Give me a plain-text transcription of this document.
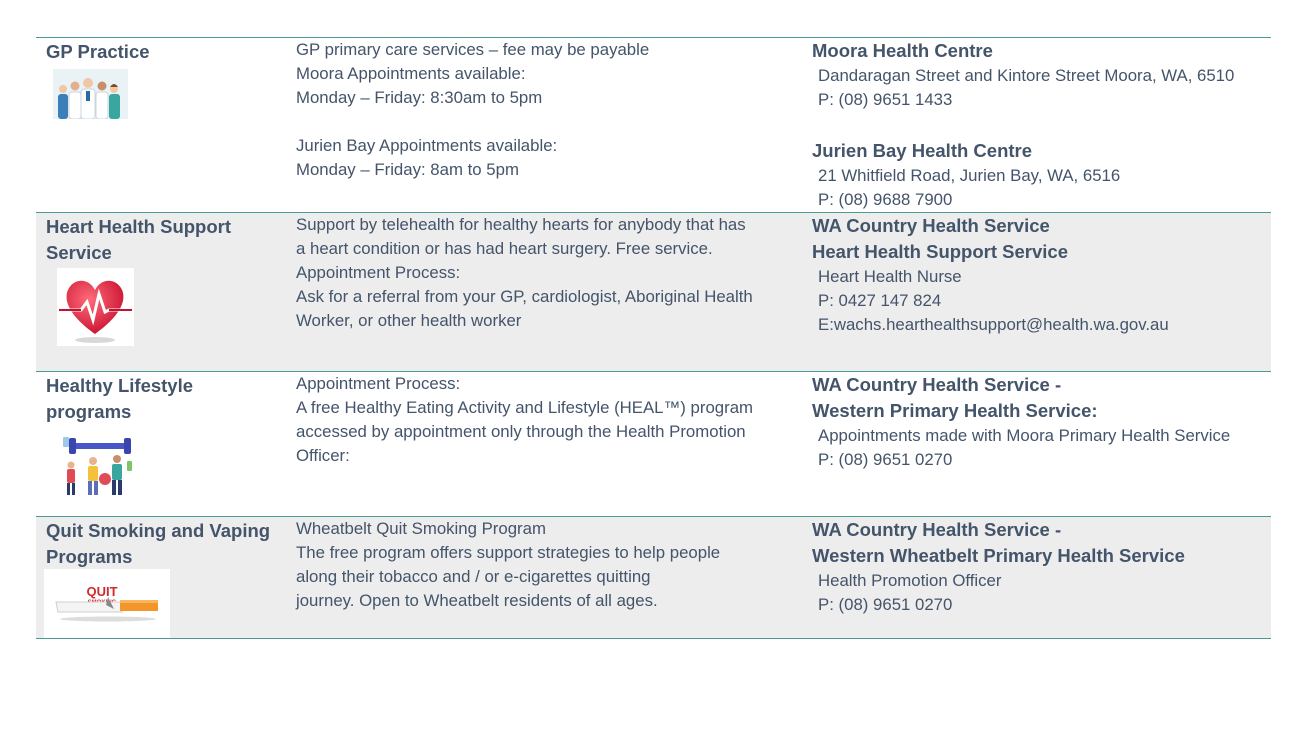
GP Practice	GP primary care services – fee may be payable
Moora Appointments available:
Monday – Friday: 8:30am to 5pm
Jurien Bay Appointments available:
Monday – Friday: 8am to 5pm
Moora Health Centre
Dandaragan Street and Kintore Street Moora, WA, 6510
P: (08) 9651 1433
Jurien Bay Health Centre
21 Whitfield Road, Jurien Bay, WA, 6516
P: (08) 9688 7900
Heart Health Support
Service
Support by telehealth for healthy hearts for anybody that has
a heart condition or has had heart surgery. Free service.
Appointment Process:
Ask for a referral from your GP, cardiologist, Aboriginal Health
Worker, or other health worker
WA Country Health Service
Heart Health Support Service
Heart Health Nurse
P: 0427 147 824
E:wachs.hearthealthsupport@health.wa.gov.au
Healthy Lifestyle
programs
Appointment Process:
A free Healthy Eating Activity and Lifestyle (HEAL™) program
accessed by appointment only through the Health Promotion
Officer:
WA Country Health Service -
Western Primary Health Service:
Appointments made with Moora Primary Health Service
P: (08) 9651 0270
Quit Smoking and Vaping
Programs
QUIT
Wheatbelt Quit Smoking Program
The free program offers support strategies to help people
along their tobacco and / or e-cigarettes quitting
journey. Open to Wheatbelt residents of all ages.
WA Country Health Service -
Western Wheatbelt Primary Health Service
Health Promotion Officer
P: (08) 9651 0270
